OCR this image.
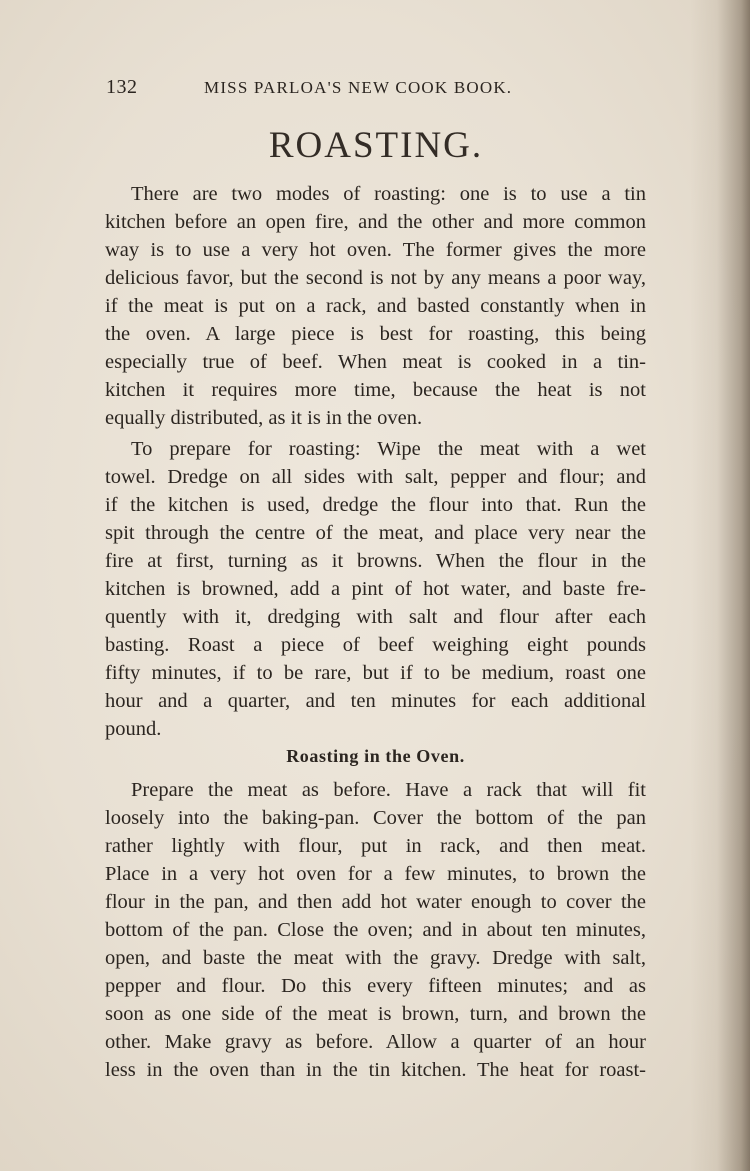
132	MISS PARLOA'S NEW COOK BOOK.
ROASTING.
There are two modes of roasting: one is to use a tin
kitchen before an open fire, and the other and more common
way is to use a very hot oven. The former gives the more
delicious favor, but the second is not by any means a poor way,
if the meat is put on a rack, and basted constantly when in
the oven. A large piece is best for roasting, this being
especially true of beef. When meat is cooked in a tin-
kitchen it requires more time, because the heat is not
equally distributed, as it is in the oven.
To prepare for roasting: Wipe the meat with a wet
towel. Dredge on all sides with salt, pepper and flour; and
if the kitchen is used, dredge the flour into that. Run the
spit through the centre of the meat, and place very near the
fire at first, turning as it browns. When the flour in the
kitchen is browned, add a pint of hot water, and baste fre-
quently with it, dredging with salt and flour after each
basting. Roast a piece of beef weighing eight pounds
fifty minutes, if to be rare, but if to be medium, roast one
hour and a quarter, and ten minutes for each additional
pound.
Roasting in the Oven.
Prepare the meat as before. Have a rack that will fit
loosely into the baking-pan. Cover the bottom of the pan
rather lightly with flour, put in rack, and then meat.
Place in a very hot oven for a few minutes, to brown the
flour in the pan, and then add hot water enough to cover the
bottom of the pan. Close the oven; and in about ten minutes,
open, and baste the meat with the gravy. Dredge with salt,
pepper and flour. Do this every fifteen minutes; and as
soon as one side of the meat is brown, turn, and brown the
other. Make gravy as before. Allow a quarter of an hour
less in the oven than in the tin kitchen. The heat for roast-
